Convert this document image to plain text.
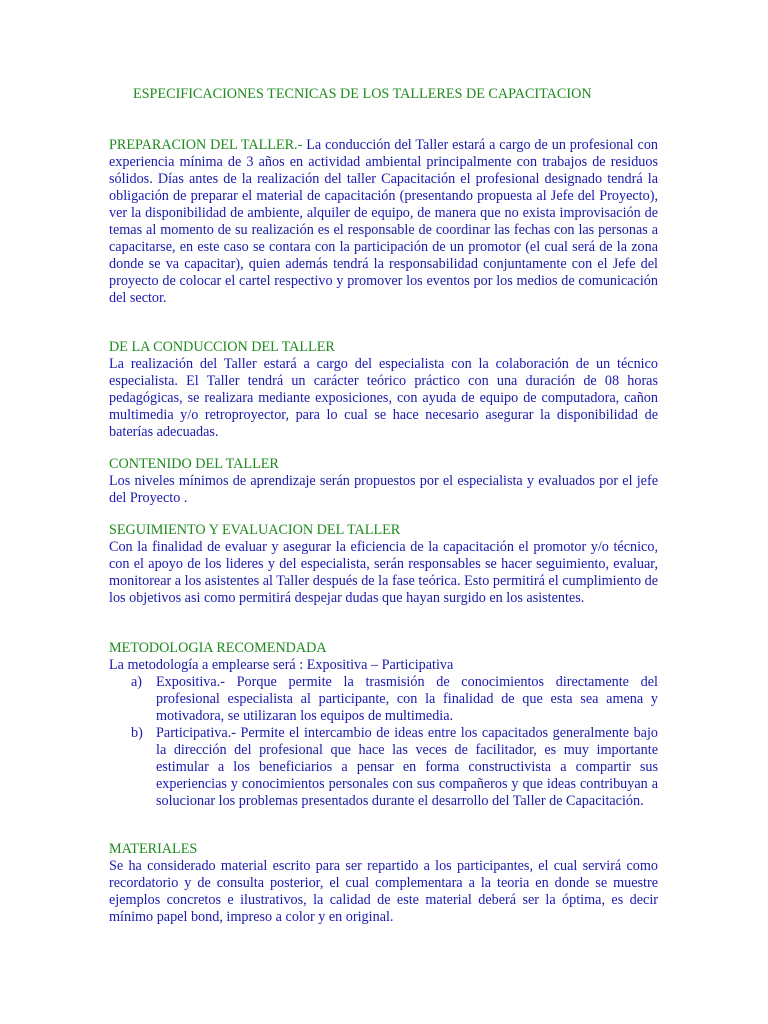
ESPECIFICACIONES TECNICAS DE LOS TALLERES DE CAPACITACION
PREPARACION DEL TALLER.- La conducción del Taller estará a cargo de un profesional con experiencia mínima de 3 años en actividad ambiental principalmente con trabajos de residuos sólidos. Días antes de la realización del taller Capacitación el profesional designado tendrá la obligación de preparar el material de capacitación (presentando propuesta al Jefe del Proyecto), ver la disponibilidad de ambiente, alquiler de equipo, de manera que no exista improvisación de temas al momento de su realización es el responsable de coordinar las fechas con las personas a capacitarse, en este caso se contara con la participación de un promotor (el cual será de la zona donde se va capacitar), quien además tendrá la responsabilidad conjuntamente con el Jefe del proyecto de colocar el cartel respectivo y promover los eventos por los medios de comunicación del sector.
DE LA CONDUCCION DEL TALLER
La realización del Taller estará a cargo del especialista con la colaboración de un técnico especialista. El Taller tendrá un carácter teórico práctico con una duración de 08 horas pedagógicas, se realizara mediante exposiciones, con ayuda de equipo de computadora, cañon multimedia y/o retroproyector, para lo cual se hace necesario asegurar la disponibilidad de baterías adecuadas.
CONTENIDO DEL TALLER
Los niveles mínimos de aprendizaje serán propuestos por el especialista y evaluados por el jefe del Proyecto .
SEGUIMIENTO Y EVALUACION DEL TALLER
Con la finalidad de evaluar y asegurar la eficiencia de la capacitación el promotor y/o técnico, con el apoyo de los lideres y del especialista, serán responsables se hacer seguimiento, evaluar, monitorear a los asistentes al Taller después de la fase teórica. Esto permitirá el cumplimiento de los objetivos asi como permitirá despejar dudas que hayan surgido en los asistentes.
METODOLOGIA RECOMENDADA
La metodología a emplearse será : Expositiva – Participativa
a) Expositiva.- Porque permite la trasmisión de conocimientos directamente del profesional especialista al participante, con la finalidad de que esta sea amena y motivadora, se utilizaran los equipos de multimedia.
b) Participativa.- Permite el intercambio de ideas entre los capacitados generalmente bajo la dirección del profesional que hace las veces de facilitador, es muy importante estimular a los beneficiarios a pensar en forma constructivista a compartir sus experiencias y conocimientos personales con sus compañeros y que ideas contribuyan a solucionar los problemas presentados durante el desarrollo del Taller de Capacitación.
MATERIALES
Se ha considerado material escrito para ser repartido a los participantes, el cual servirá como recordatorio y de consulta posterior, el cual complementara a la teoria en donde se muestre ejemplos concretos e ilustrativos, la calidad de este material deberá ser la óptima, es decir mínimo papel bond, impreso a color y en original.
